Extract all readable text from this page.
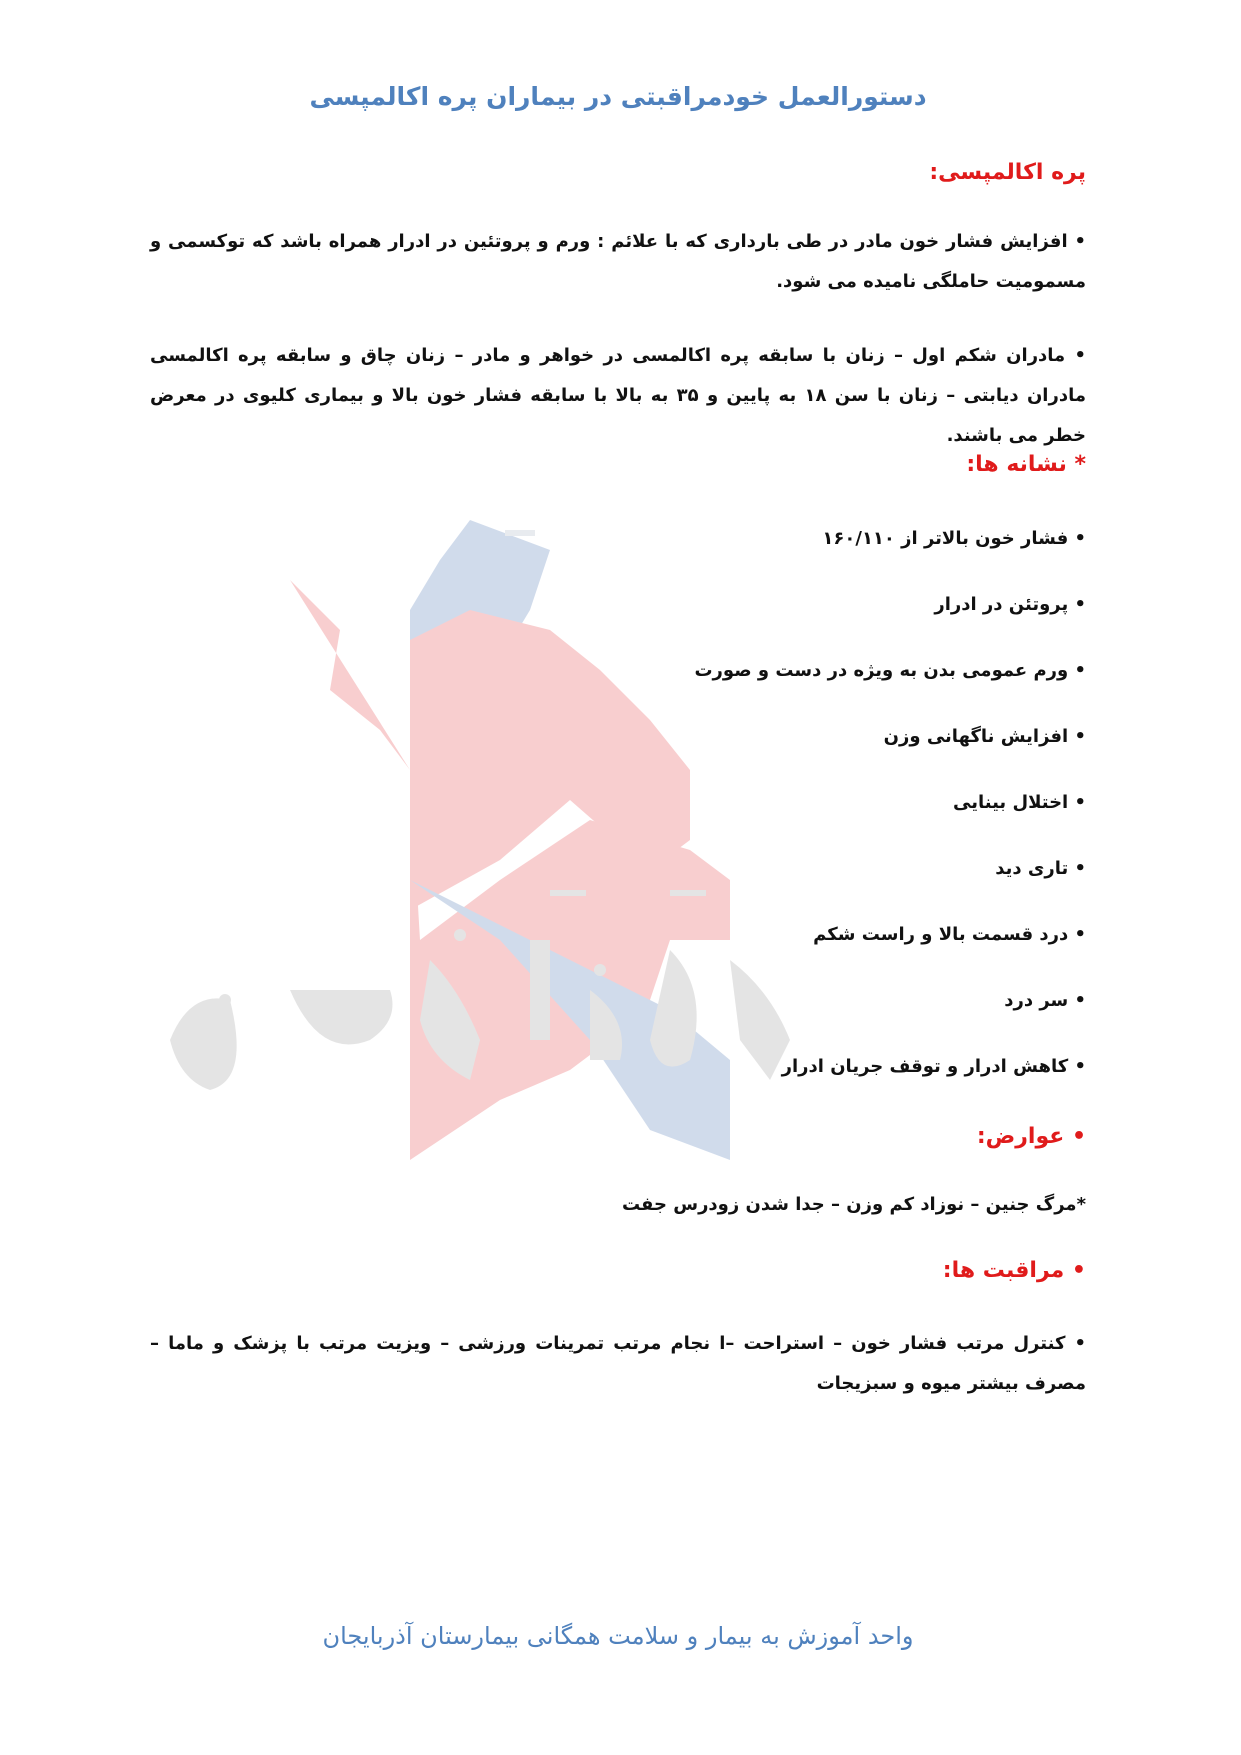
دستورالعمل خودمراقبتی در بیماران پره اکالمپسی
پره اکالمپسی:

• افزایش فشار خون مادر در طی بارداری که با علائم : ورم و پروتئین در ادرار همراه باشد که توکسمی و مسمومیت حاملگی نامیده می شود.

• مادران شکم اول – زنان با سابقه پره اکالمسی در خواهر و مادر – زنان چاق و سابقه پره اکالمسی مادران دیابتی – زنان با سن ۱۸ به پایین و ۳۵ به بالا با سابقه فشار خون بالا و بیماری کلیوی در معرض خطر می باشند.

* نشانه ها:

• فشار خون بالاتر از ۱۶۰/۱۱۰

• پروتئن در ادرار

• ورم عمومی بدن به ویژه در دست و صورت

• افزایش ناگهانی وزن

• اختلال بینایی

• تاری دید

• درد قسمت بالا و راست شکم

• سر درد

• کاهش ادرار و توقف جریان ادرار

• عوارض:

*مرگ جنین – نوزاد کم وزن – جدا شدن زودرس جفت

• مراقبت ها:

• کنترل مرتب فشار خون – استراحت –ا نجام مرتب تمرینات ورزشی – ویزیت مرتب با پزشک و ماما – مصرف بیشتر میوه و سبزیجات

واحد آموزش به بیمار و سلامت همگانی بیمارستان آذربایجان
